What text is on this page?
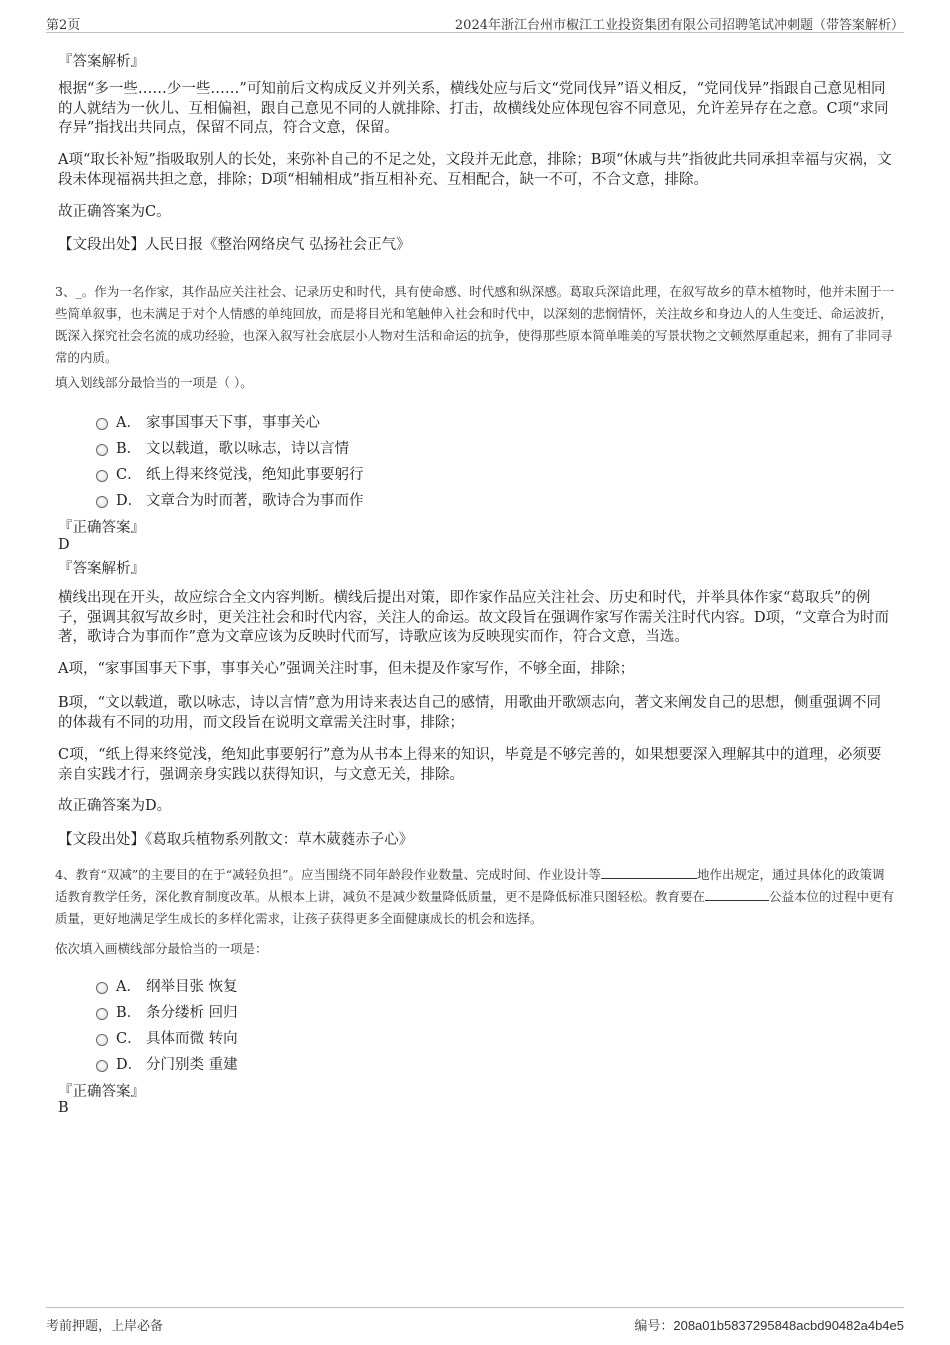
第2页	2024年浙江台州市椒江工业投资集团有限公司招聘笔试冲刺题（带答案解析）

『答案解析』

根据“多一些……少一些……”可知前后文构成反义并列关系，横线处应与后文“党同伐异”语义相反，“党同伐异”指跟自己意见相同的人就结为一伙儿、互相偏袒，跟自己意见不同的人就排除、打击，故横线处应体现包容不同意见，允许差异存在之意。C项“求同存异”指找出共同点，保留不同点，符合文意，保留。

A项“取长补短”指吸取别人的长处，来弥补自己的不足之处，文段并无此意，排除；B项“休戚与共”指彼此共同承担幸福与灾祸，文段未体现福祸共担之意，排除；D项“相辅相成”指互相补充、互相配合，缺一不可，不合文意，排除。

故正确答案为C。

【文段出处】人民日报《整治网络戾气 弘扬社会正气》

3、_。作为一名作家，其作品应关注社会、记录历史和时代，具有使命感、时代感和纵深感。葛取兵深谙此理，在叙写故乡的草木植物时，他并未囿于一些简单叙事，也未满足于对个人情感的单纯回放，而是将目光和笔触伸入社会和时代中，以深刻的悲悯情怀，关注故乡和身边人的人生变迁、命运波折，既深入探究社会名流的成功经验，也深入叙写社会底层小人物对生活和命运的抗争，使得那些原本简单唯美的写景状物之文顿然厚重起来，拥有了非同寻常的内质。

填入划线部分最恰当的一项是（ ）。

A． 家事国事天下事，事事关心
B． 文以载道，歌以咏志，诗以言情
C． 纸上得来终觉浅，绝知此事要躬行
D． 文章合为时而著，歌诗合为事而作

『正确答案』

D

『答案解析』

横线出现在开头，故应综合全文内容判断。横线后提出对策，即作家作品应关注社会、历史和时代，并举具体作家“葛取兵”的例子，强调其叙写故乡时，更关注社会和时代内容，关注人的命运。故文段旨在强调作家写作需关注时代内容。D项，“文章合为时而著，歌诗合为事而作”意为文章应该为反映时代而写，诗歌应该为反映现实而作，符合文意，当选。

A项，“家事国事天下事，事事关心”强调关注时事，但未提及作家写作，不够全面，排除；

B项，“文以载道，歌以咏志，诗以言情”意为用诗来表达自己的感情，用歌曲开歌颂志向，著文来阐发自己的思想，侧重强调不同的体裁有不同的功用，而文段旨在说明文章需关注时事，排除；

C项，“纸上得来终觉浅，绝知此事要躬行”意为从书本上得来的知识，毕竟是不够完善的，如果想要深入理解其中的道理，必须要亲自实践才行，强调亲身实践以获得知识，与文意无关，排除。

故正确答案为D。

【文段出处】《葛取兵植物系列散文：草木葳蕤赤子心》

4、教育“双减”的主要目的在于“减轻负担”。应当围绕不同年龄段作业数量、完成时间、作业设计等	地作出规定，通过具体化的政策调适教育教学任务，深化教育制度改革。从根本上讲，减负不是减少数量降低质量，更不是降低标准只图轻松。教育要在	公益本位的过程中更有质量，更好地满足学生成长的多样化需求，让孩子获得更多全面健康成长的机会和选择。

依次填入画横线部分最恰当的一项是：

A． 纲举目张 恢复
B． 条分缕析 回归
C． 具体而微 转向
D． 分门别类 重建

『正确答案』

B

考前押题，上岸必备	编号：208a01b5837295848acbd90482a4b4e5
